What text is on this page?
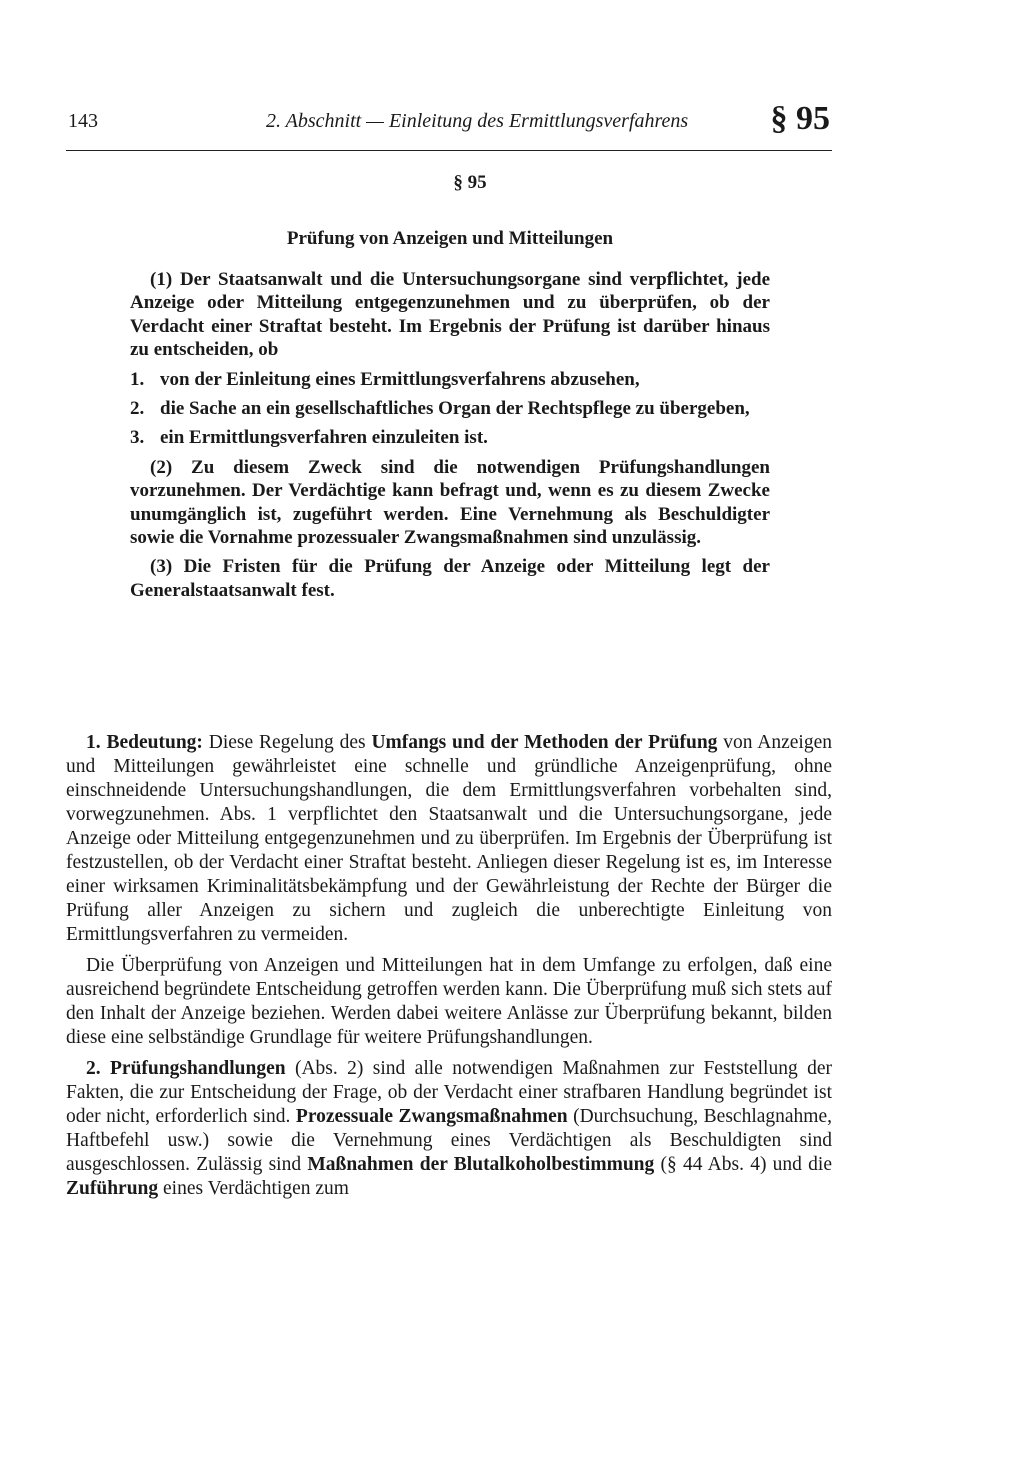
143	2. Abschnitt — Einleitung des Ermittlungsverfahrens § 95
§ 95
Prüfung von Anzeigen und Mitteilungen

(1) Der Staatsanwalt und die Untersuchungsorgane sind verpflichtet, jede Anzeige oder Mitteilung entgegenzunehmen und zu überprüfen, ob der Verdacht einer Straftat besteht. Im Ergebnis der Prüfung ist darüber hinaus zu entscheiden, ob

1. von der Einleitung eines Ermittlungsverfahrens abzusehen,
2. die Sache an ein gesellschaftliches Organ der Rechtspflege zu übergeben,
3. ein Ermittlungsverfahren einzuleiten ist.

(2) Zu diesem Zweck sind die notwendigen Prüfungshandlungen vorzunehmen. Der Verdächtige kann befragt und, wenn es zu diesem Zwecke unumgänglich ist, zugeführt werden. Eine Vernehmung als Beschuldigter sowie die Vornahme prozessualer Zwangsmaßnahmen sind unzulässig.

(3) Die Fristen für die Prüfung der Anzeige oder Mitteilung legt der Generalstaatsanwalt fest.

1. Bedeutung: Diese Regelung des Umfangs und der Methoden der Prüfung von Anzeigen und Mitteilungen gewährleistet eine schnelle und gründliche Anzeigenprüfung, ohne einschneidende Untersuchungshandlungen, die dem Ermittlungsverfahren vorbehalten sind, vorwegzunehmen. Abs. 1 verpflichtet den Staatsanwalt und die Untersuchungsorgane, jede Anzeige oder Mitteilung entgegenzunehmen und zu überprüfen. Im Ergebnis der Überprüfung ist festzustellen, ob der Verdacht einer Straftat besteht. Anliegen dieser Regelung ist es, im Interesse einer wirksamen Kriminalitätsbekämpfung und der Gewährleistung der Rechte der Bürger die Prüfung aller Anzeigen zu sichern und zugleich die unberechtigte Einleitung von Ermittlungsverfahren zu vermeiden.

Die Überprüfung von Anzeigen und Mitteilungen hat in dem Umfange zu erfolgen, daß eine ausreichend begründete Entscheidung getroffen werden kann. Die Überprüfung muß sich stets auf den Inhalt der Anzeige beziehen. Werden dabei weitere Anlässe zur Überprüfung bekannt, bilden diese eine selbständige Grundlage für weitere Prüfungshandlungen.

2. Prüfungshandlungen (Abs. 2) sind alle notwendigen Maßnahmen zur Feststellung der Fakten, die zur Entscheidung der Frage, ob der Verdacht einer strafbaren Handlung begründet ist oder nicht, erforderlich sind. Prozessuale Zwangsmaßnahmen (Durchsuchung, Beschlagnahme, Haftbefehl usw.) sowie die Vernehmung eines Verdächtigen als Beschuldigten sind ausgeschlossen. Zulässig sind Maßnahmen der Blutalkoholbestimmung (§ 44 Abs. 4) und die Zuführung eines Verdächtigen zum
